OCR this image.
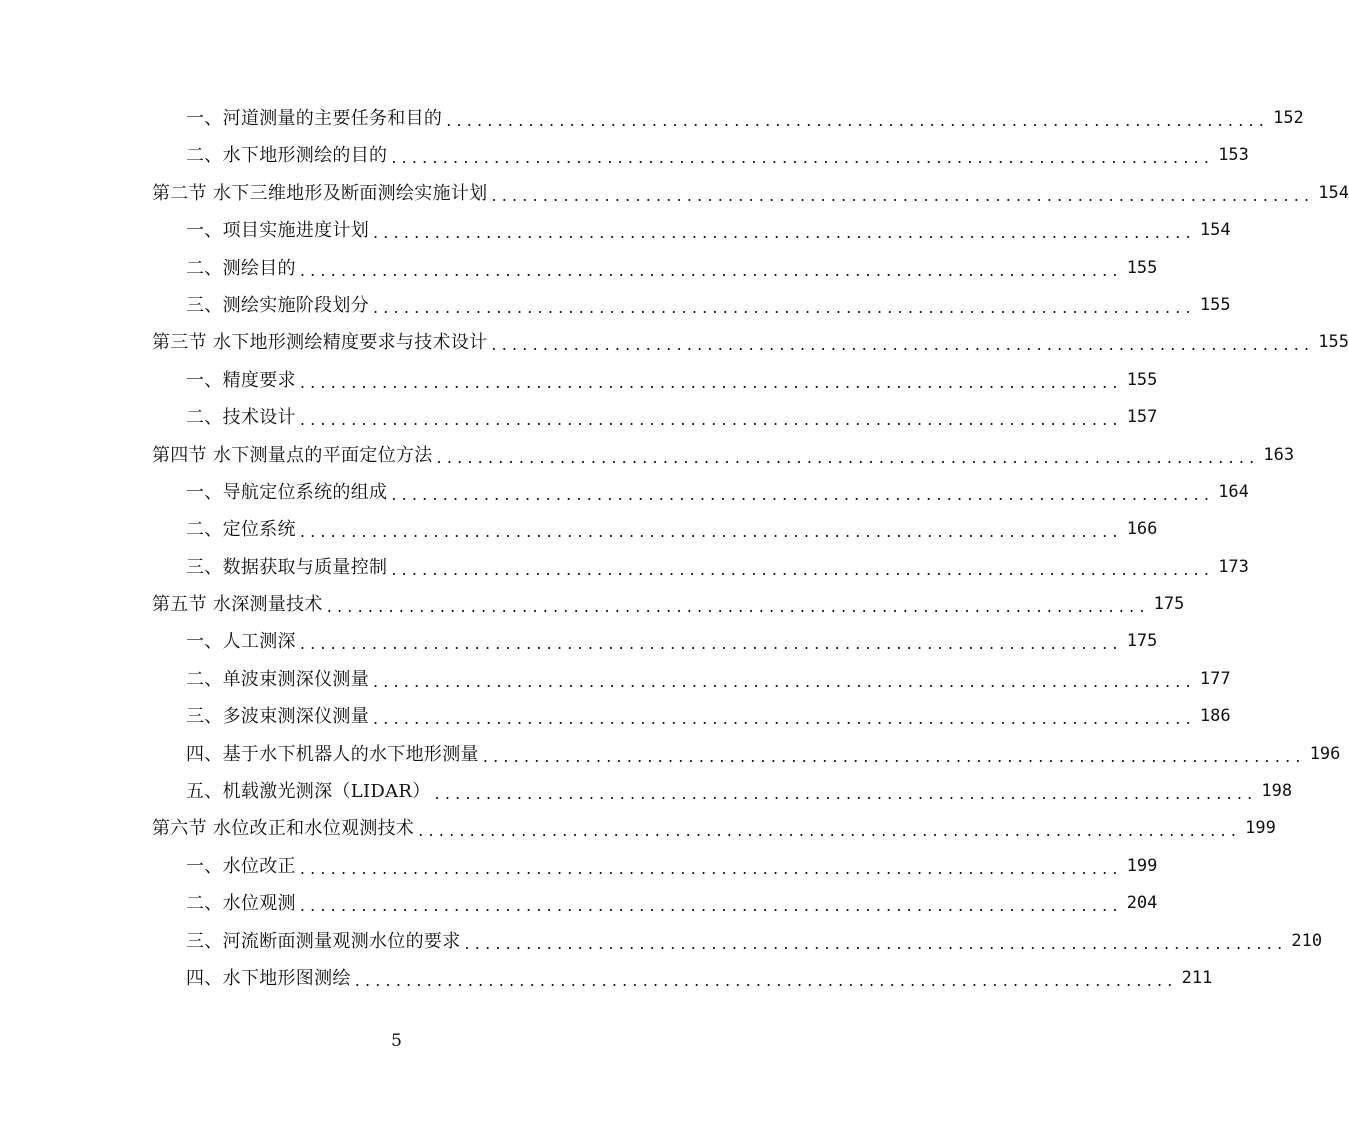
一、河道测量的主要任务和目的 ................................................................................ 152
二、水下地形测绘的目的 ................................................................................ 153
第二节 水下三维地形及断面测绘实施计划 ................................................................................ 154
一、项目实施进度计划 ................................................................................ 154
二、测绘目的 ................................................................................ 155
三、测绘实施阶段划分 ................................................................................ 155
第三节 水下地形测绘精度要求与技术设计 ................................................................................ 155
一、精度要求 ................................................................................ 155
二、技术设计 ................................................................................ 157
第四节 水下测量点的平面定位方法 ................................................................................ 163
一、导航定位系统的组成 ................................................................................ 164
二、定位系统 ................................................................................ 166
三、数据获取与质量控制 ................................................................................ 173
第五节 水深测量技术 ................................................................................ 175
一、人工测深 ................................................................................ 175
二、单波束测深仪测量 ................................................................................ 177
三、多波束测深仪测量 ................................................................................ 186
四、基于水下机器人的水下地形测量 ................................................................................ 196
五、机载激光测深（LIDAR） ................................................................................ 198
第六节 水位改正和水位观测技术 ................................................................................ 199
一、水位改正 ................................................................................ 199
二、水位观测 ................................................................................ 204
三、河流断面测量观测水位的要求 ................................................................................ 210
四、水下地形图测绘 ................................................................................ 211
5
